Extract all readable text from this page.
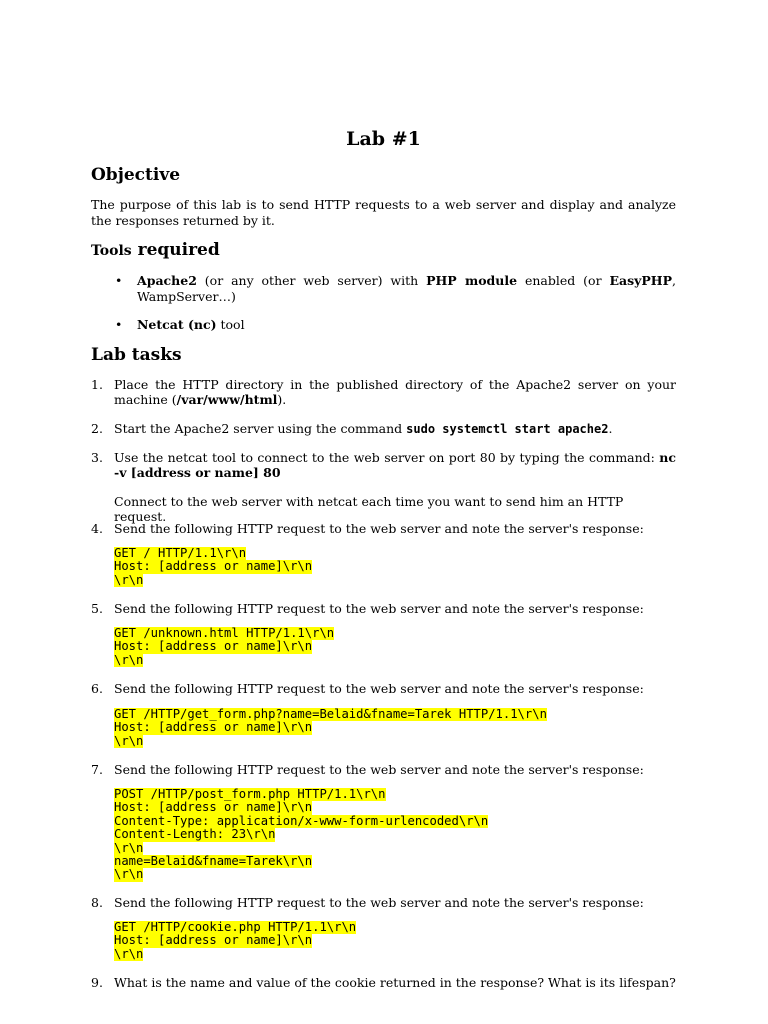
Lab #1
Objective
The purpose of this lab is to send HTTP requests to a web server and display and analyze the responses returned by it.
Tools required
• Apache2 (or any other web server) with PHP module enabled (or EasyPHP, WampServer…)
• Netcat (nc) tool
Lab tasks
1. Place the HTTP directory in the published directory of the Apache2 server on your machine (/var/www/html).
2. Start the Apache2 server using the command sudo systemctl start apache2.
3. Use the netcat tool to connect to the web server on port 80 by typing the command: nc -v [address or name] 80
Connect to the web server with netcat each time you want to send him an HTTP request.
4. Send the following HTTP request to the web server and note the server's response:
GET / HTTP/1.1\r\n
Host: [address or name]\r\n
\r\n
5. Send the following HTTP request to the web server and note the server's response:
GET /unknown.html HTTP/1.1\r\n
Host: [address or name]\r\n
\r\n
6. Send the following HTTP request to the web server and note the server's response:
GET /HTTP/get_form.php?name=Belaid&fname=Tarek HTTP/1.1\r\n
Host: [address or name]\r\n
\r\n
7. Send the following HTTP request to the web server and note the server's response:
POST /HTTP/post_form.php HTTP/1.1\r\n
Host: [address or name]\r\n
Content-Type: application/x-www-form-urlencoded\r\n
Content-Length: 23\r\n
\r\n
name=Belaid&fname=Tarek\r\n
\r\n
8. Send the following HTTP request to the web server and note the server's response:
GET /HTTP/cookie.php HTTP/1.1\r\n
Host: [address or name]\r\n
\r\n
9. What is the name and value of the cookie returned in the response? What is its lifespan?
